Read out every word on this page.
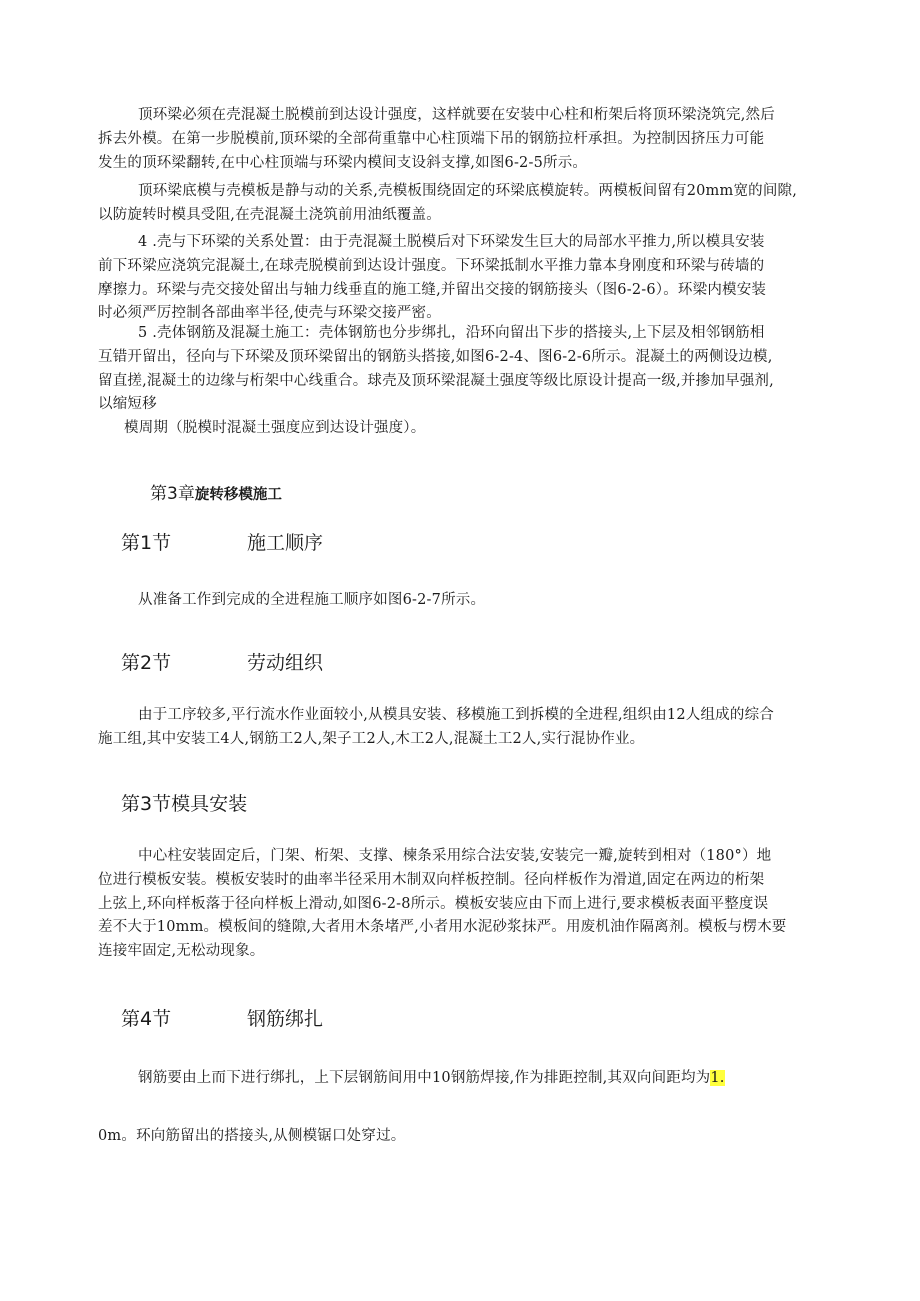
顶环梁必须在壳混凝土脱模前到达设计强度，这样就要在安装中心柱和桁架后将顶环梁浇筑完,然后
拆去外模。在第一步脱模前,顶环梁的全部荷重靠中心柱顶端下吊的钢筋拉杆承担。为控制因挤压力可能
发生的顶环梁翻转,在中心柱顶端与环梁内模间支设斜支撑,如图6-2-5所示。
顶环梁底模与壳模板是静与动的关系,壳模板围绕固定的环梁底模旋转。两模板间留有20mm宽的间隙,
以防旋转时模具受阻,在壳混凝土浇筑前用油纸覆盖。
4 .壳与下环梁的关系处置：由于壳混凝土脱模后对下环梁发生巨大的局部水平推力,所以模具安装
前下环梁应浇筑完混凝土,在球壳脱模前到达设计强度。下环梁抵制水平推力靠本身刚度和环梁与砖墙的
摩擦力。环梁与壳交接处留出与轴力线垂直的施工缝,并留出交接的钢筋接头（图6-2-6）。环梁内模安装
时必须严厉控制各部曲率半径,使壳与环梁交接严密。
5 .壳体钢筋及混凝土施工：壳体钢筋也分步绑扎，沿环向留出下步的搭接头,上下层及相邻钢筋相
互错开留出，径向与下环梁及顶环梁留出的钢筋头搭接,如图6-2-4、图6-2-6所示。混凝土的两侧设边模,
留直搓,混凝土的边缘与桁架中心线重合。球壳及顶环梁混凝土强度等级比原设计提高一级,并掺加早强剂,
以缩短移
模周期（脱模时混凝土强度应到达设计强度）。
第3章旋转移模施工
第1节	施工顺序
从准备工作到完成的全进程施工顺序如图6-2-7所示。
第2节	劳动组织
由于工序较多,平行流水作业面较小,从模具安装、移模施工到拆模的全进程,组织由12人组成的综合
施工组,其中安装工4人,钢筋工2人,架子工2人,木工2人,混凝土工2人,实行混协作业。
第3节模具安装
中心柱安装固定后，门架、桁架、支撑、楝条采用综合法安装,安装完一瓣,旋转到相对（180°）地
位进行模板安装。模板安装时的曲率半径采用木制双向样板控制。径向样板作为滑道,固定在两边的桁架
上弦上,环向样板落于径向样板上滑动,如图6-2-8所示。模板安装应由下而上进行,要求模板表面平整度误
差不大于10mm。模板间的缝隙,大者用木条堵严,小者用水泥砂浆抹严。用废机油作隔离剂。模板与楞木要
连接牢固定,无松动现象。
第4节	钢筋绑扎
钢筋要由上而下进行绑扎，上下层钢筋间用中10钢筋焊接,作为排距控制,其双向间距均为1.
0m。环向筋留出的搭接头,从侧模锯口处穿过。
